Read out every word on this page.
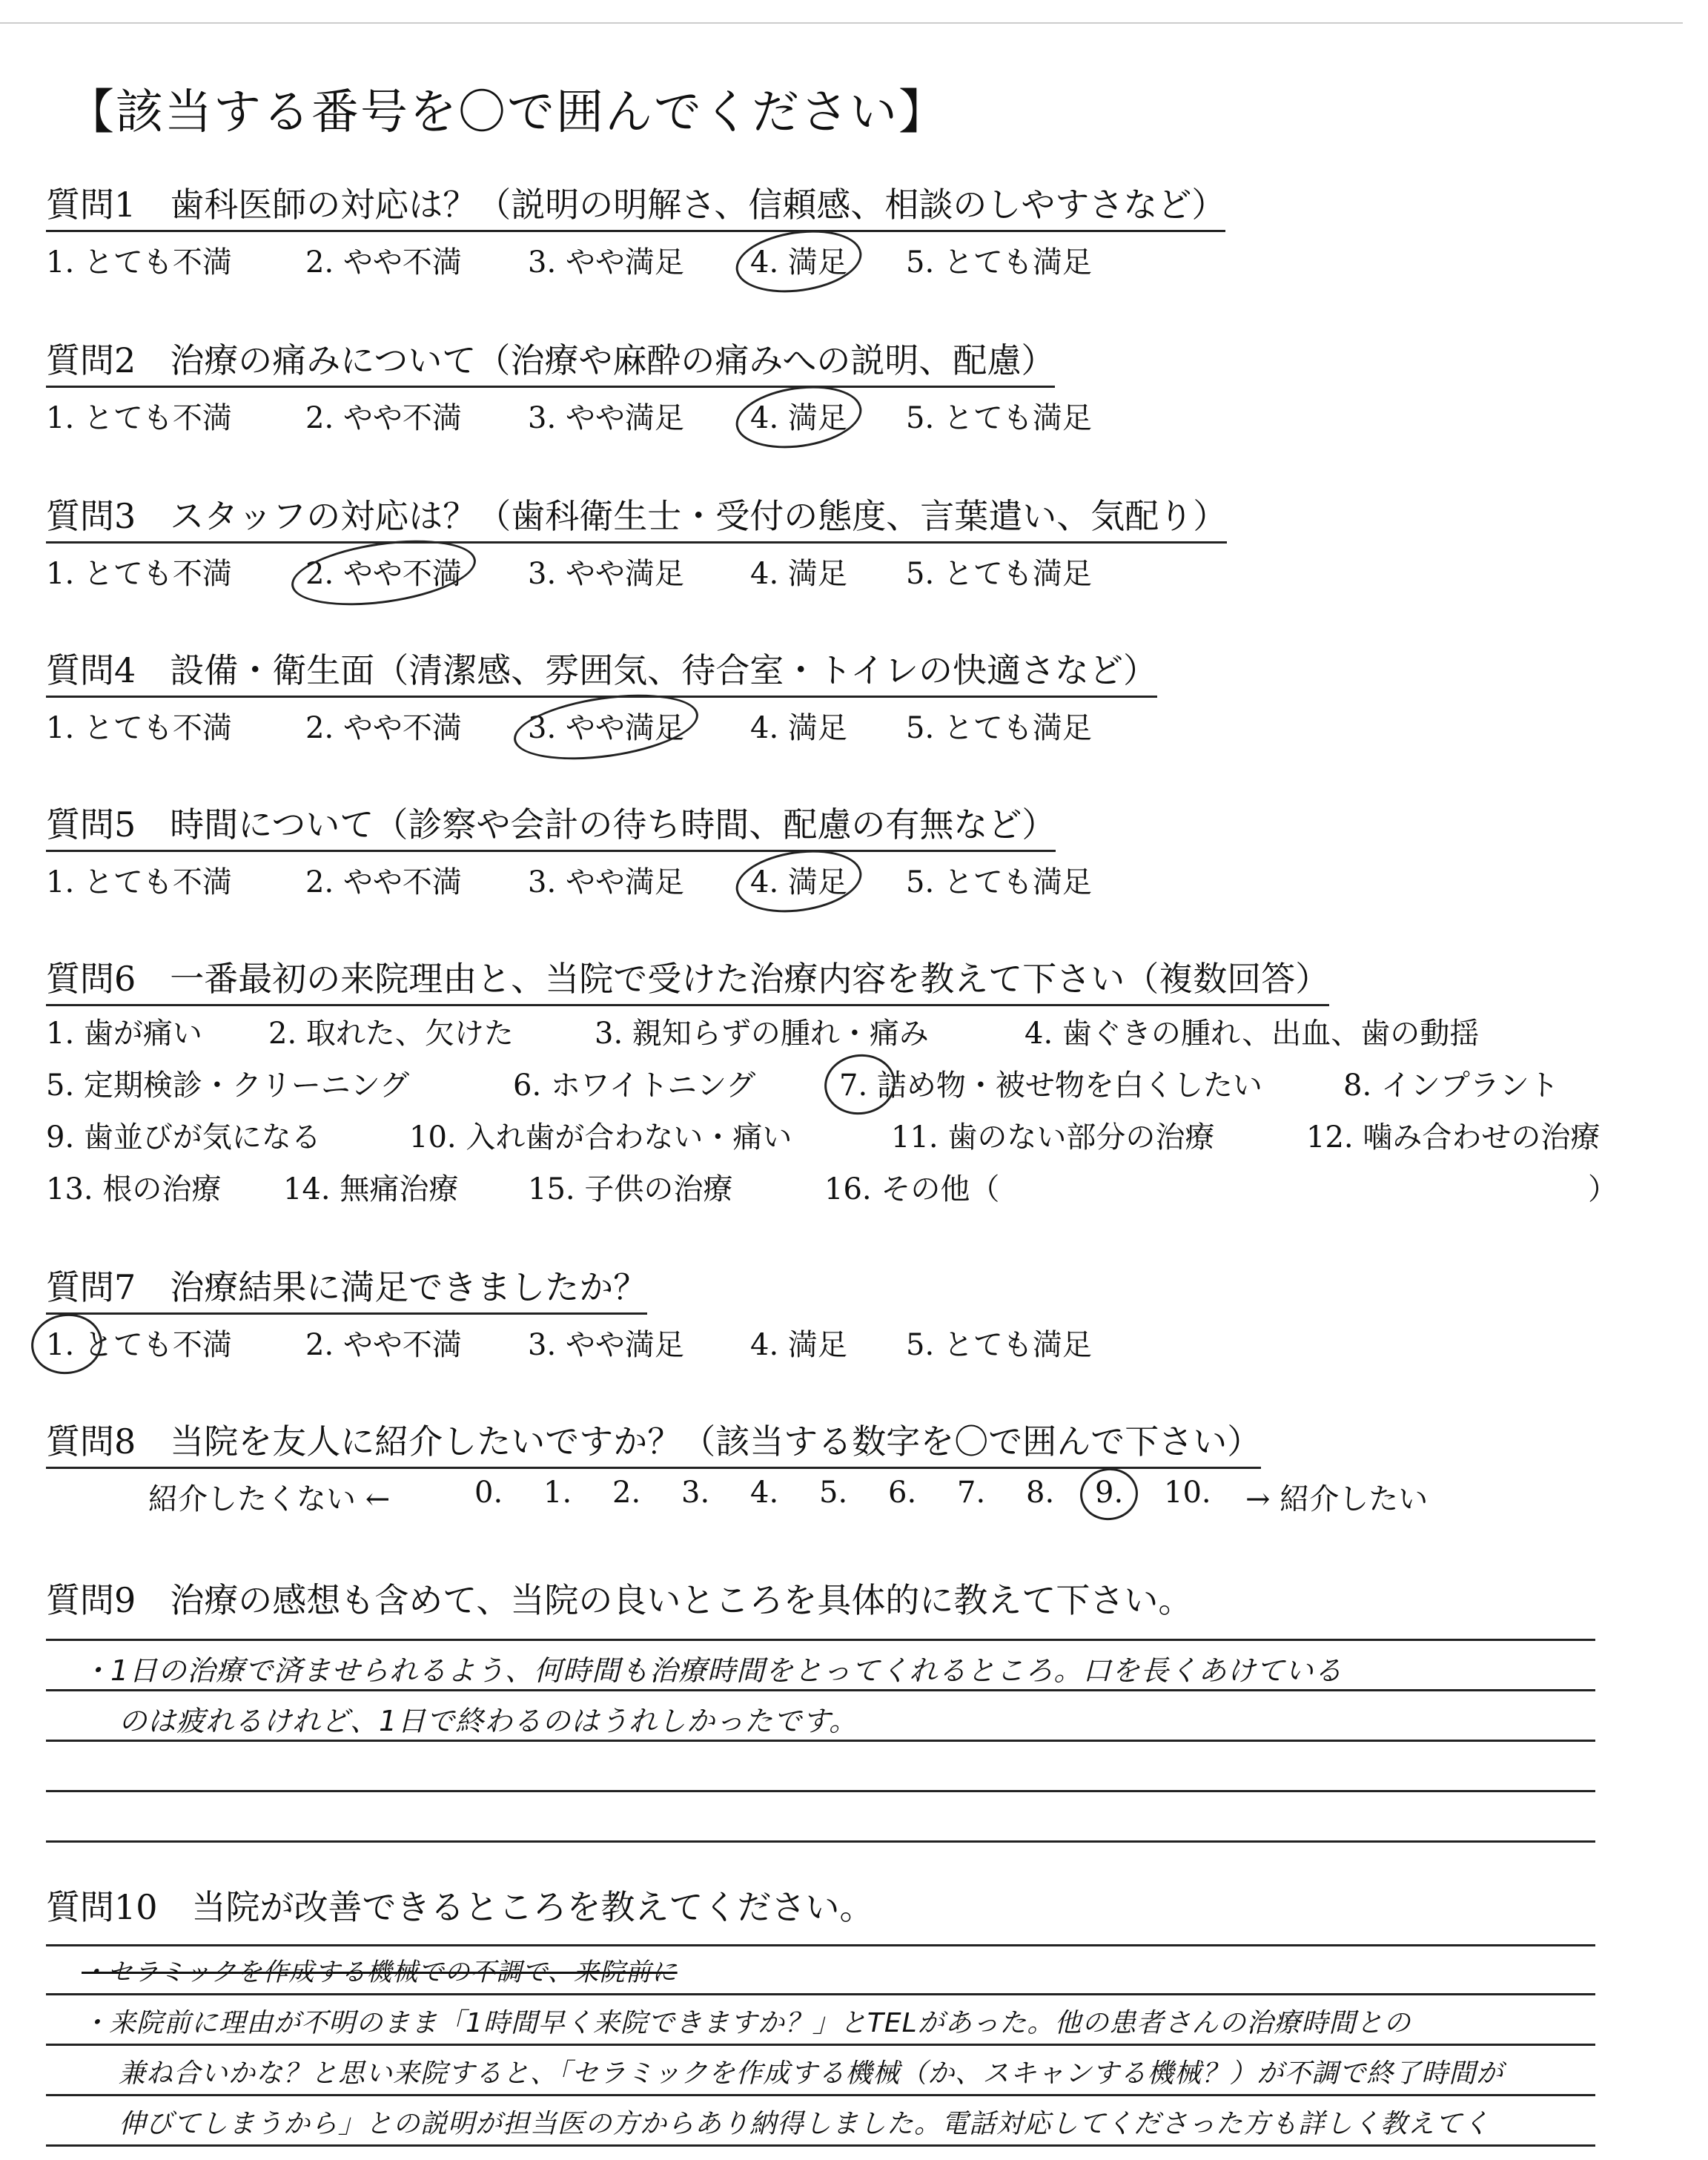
【該当する番号を〇で囲んでください】
質問1　歯科医師の対応は？（説明の明解さ、信頼感、相談のしやすさなど）
1. とても不満 2. やや不満 3. やや満足 4. 満足 5. とても満足
質問2　治療の痛みについて（治療や麻酔の痛みへの説明、配慮）
1. とても不満 2. やや不満 3. やや満足 4. 満足 5. とても満足
質問3　スタッフの対応は？（歯科衛生士・受付の態度、言葉遣い、気配り）
1. とても不満 2. やや不満 3. やや満足 4. 満足 5. とても満足
質問4　設備・衛生面（清潔感、雰囲気、待合室・トイレの快適さなど）
1. とても不満 2. やや不満 3. やや満足 4. 満足 5. とても満足
質問5　時間について（診察や会計の待ち時間、配慮の有無など）
1. とても不満 2. やや不満 3. やや満足 4. 満足 5. とても満足
質問6　一番最初の来院理由と、当院で受けた治療内容を教えて下さい（複数回答）
1. 歯が痛い 2. 取れた、欠けた	3. 親知らずの腫れ・痛み	4. 歯ぐきの腫れ、出血、歯の動揺
5. 定期検診・クリーニング	6. ホワイトニング	7. 詰め物・被せ物を白くしたい	8. インプラント
9. 歯並びが気になる	10. 入れ歯が合わない・痛い	11. 歯のない部分の治療	12. 噛み合わせの治療
13. 根の治療 14. 無痛治療 15. 子供の治療	16. その他（	）
質問7　治療結果に満足できましたか？
1. とても不満 2. やや不満 3. やや満足 4. 満足 5. とても満足
質問8　当院を友人に紹介したいですか？（該当する数字を〇で囲んで下さい）
紹介したくない ←	0. 1. 2. 3. 4. 5. 6. 7. 8. 9. 10. → 紹介したい
質問9　治療の感想も含めて、当院の良いところを具体的に教えて下さい。
・1日の治療で済ませられるよう、何時間も治療時間をとってくれるところ。口を長くあけている
のは疲れるけれど、1日で終わるのはうれしかったです。
質問10　当院が改善できるところを教えてください。
・セラミックを作成する機械での不調で、来院前に
・来院前に理由が不明のまま「1時間早く来院できますか？」とTELがあった。他の患者さんの治療時間との
兼ね合いかな？と思い来院すると、「セラミックを作成する機械（か、スキャンする機械？）が不調で終了時間が
伸びてしまうから」との説明が担当医の方からあり納得しました。電話対応してくださった方も詳しく教えてく
